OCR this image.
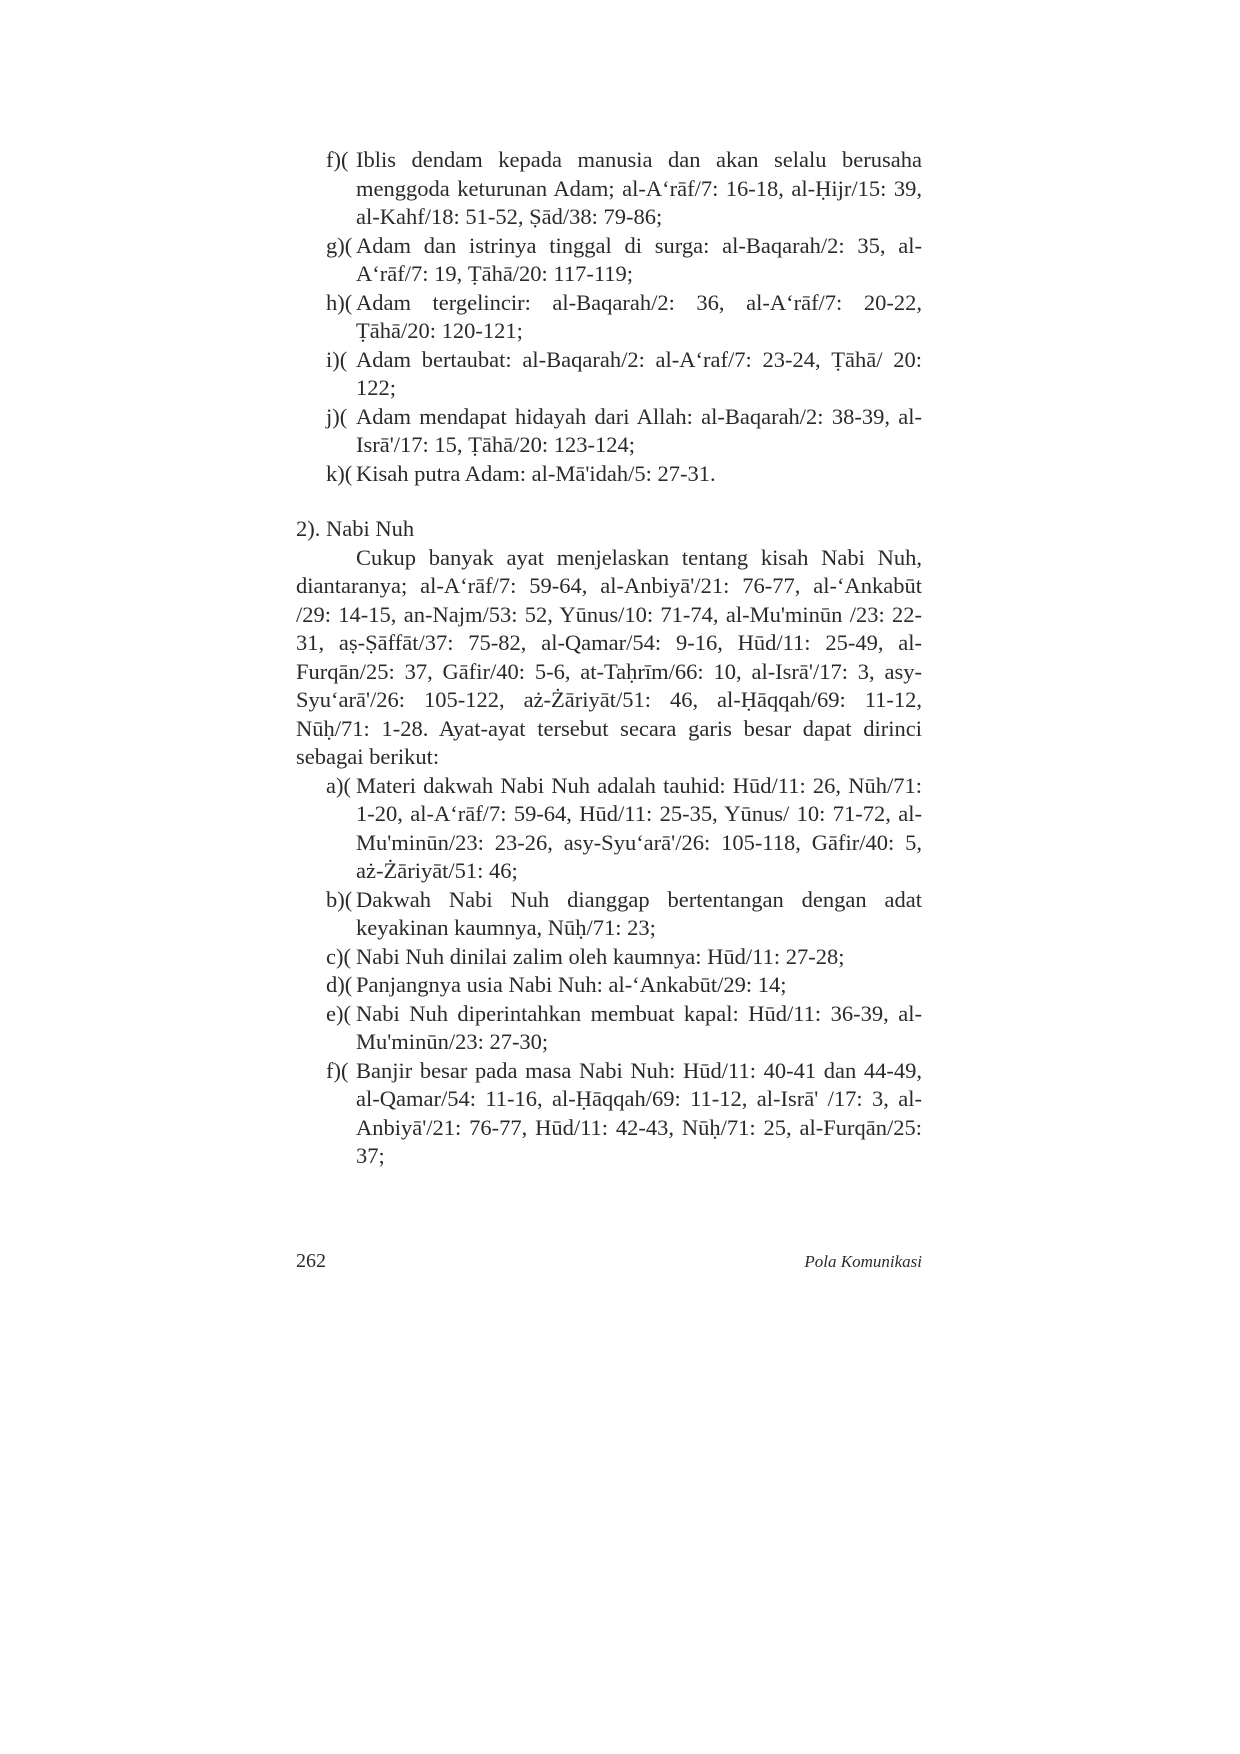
f)( Iblis dendam kepada manusia dan akan selalu berusaha menggoda keturunan Adam; al-A‘rāf/7: 16-18, al-Ḥijr/15: 39, al-Kahf/18: 51-52, Ṣād/38: 79-86;
g)( Adam dan istrinya tinggal di surga: al-Baqarah/2: 35, al-A‘rāf/7: 19, Ṭāhā/20: 117-119;
h)( Adam tergelincir: al-Baqarah/2: 36, al-A‘rāf/7: 20-22, Ṭāhā/20: 120-121;
i)( Adam bertaubat: al-Baqarah/2: al-A‘raf/7: 23-24, Ṭāhā/ 20: 122;
j)( Adam mendapat hidayah dari Allah: al-Baqarah/2: 38-39, al-Isrā'/17: 15, Ṭāhā/20: 123-124;
k)( Kisah putra Adam: al-Mā'idah/5: 27-31.
2). Nabi Nuh

Cukup banyak ayat menjelaskan tentang kisah Nabi Nuh, diantaranya; al-A‘rāf/7: 59-64, al-Anbiyā'/21: 76-77, al-‘Ankabūt /29: 14-15, an-Najm/53: 52, Yūnus/10: 71-74, al-Mu'minūn /23: 22-31, aṣ-Ṣāffāt/37: 75-82, al-Qamar/54: 9-16, Hūd/11: 25-49, al-Furqān/25: 37, Gāfir/40: 5-6, at-Taḥrīm/66: 10, al-Isrā'/17: 3, asy-Syu‘arā'/26: 105-122, aż-Żāriyāt/51: 46, al-Ḥāqqah/69: 11-12, Nūḥ/71: 1-28. Ayat-ayat tersebut secara garis besar dapat dirinci sebagai berikut:

a)( Materi dakwah Nabi Nuh adalah tauhid: Hūd/11: 26, Nūh/71: 1-20, al-A‘rāf/7: 59-64, Hūd/11: 25-35, Yūnus/ 10: 71-72, al-Mu'minūn/23: 23-26, asy-Syu‘arā'/26: 105-118, Gāfir/40: 5, aż-Żāriyāt/51: 46;
b)( Dakwah Nabi Nuh dianggap bertentangan dengan adat keyakinan kaumnya, Nūḥ/71: 23;
c)( Nabi Nuh dinilai zalim oleh kaumnya: Hūd/11: 27-28;
d)( Panjangnya usia Nabi Nuh: al-‘Ankabūt/29: 14;
e)( Nabi Nuh diperintahkan membuat kapal: Hūd/11: 36-39, al-Mu'minūn/23: 27-30;
f)( Banjir besar pada masa Nabi Nuh: Hūd/11: 40-41 dan 44-49, al-Qamar/54: 11-16, al-Ḥāqqah/69: 11-12, al-Isrā' /17: 3, al-Anbiyā'/21: 76-77, Hūd/11: 42-43, Nūḥ/71: 25, al-Furqān/25: 37;
262	Pola Komunikasi
